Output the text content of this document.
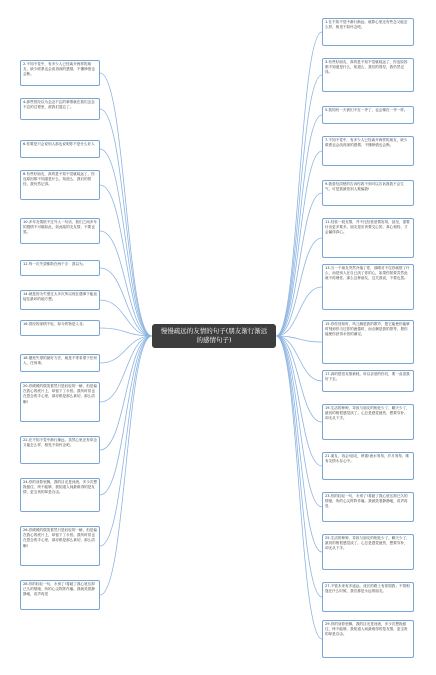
慢慢疏远的友情的句子(朋友渐行渐远的感情句子)
2.不知不觉中，有多少人已经离开两样的朋友，缺少联系也会淡再深的感情，不懂珍惜也会断。
4.那些曾经以为念念不忘的事情就在我们念念不忘的过程里，被我们遗忘了。
6.你要是只会说别人那也说明你不是什么好人
8.有些好朋友，真的是不知不觉就疏远了，你连原因都不知道是什么，知道么，我们的曾经，我仍然记得。
10.多年友情抵不过外人一句话，我们之间多年的感情不可堪如此，如此疏的友友情，不要也罢。
12.每一次失望都散在两个字：我以为。
14.就是因为失望过太多次所以现在遇事于能直接往最坏的地方想。
16.曾经的深情不轻，如今的物是人非。
18.避免失望的最好方法，就是不寄希望于任何人、任何事。
20.你缓缓的微笑着然只是轻轻的一瞬，但是偏在我心的底片上，却留下了永恒。我所时常也在思念的手心里，那亦都是那么真切，那么清晰!
22.在不知不觉中渐行渐远，虽然心里还有牵念又能怎么样，相见不如怀念吧。
24.你的身影里飘，我的目光是河流，多少次想挽留住，终不能够，我知道人间最难得的是友情，更宝贵的却是自由。
26.你缓缓的微笑着然只是轻轻的一瞬，但是偏在我心的底片上，却留下了永恒。我所时常也在思念的手心里，那亦都是那么真切，那么清晰!
28.你的轻轻一句，永别了!将破了我心底压抑已久的情绪，所的心尖阵阵作痛。我就笑着静静地，说声再见
1.在不知不觉中渐行渐远，就算心里还有些念又能怎么样，相见不如怀念吧。
3.有些好朋友，真的是不知不觉就疏远了，你连原因都不知道是什么，知道么，我们的曾经，我仍然记得。
5.我知有一天被们不在一齐了，也会像在一齐一样。
7.不知不觉中，有多少人已经离开两样的朋友，缺少联系也会淡再深的感情，不懂珍惜也会断。
9.我曾经清楚的告诉你我不到可以告诉我我不会生气，可是我最依别人欺骗我!
11.经营一段友情，并不比经营爱情容易，甚至，需要付出更多要多。朋友是应该要交心的，真心相待，才会赢得真心。
13.当一个朋友突然冷落了你，那晴对不住你就惜了什么，而是别人在自已淡了你的心，如果你知要弄然此就不再理你，那么这种朋友，这关我说，不要也罢。
15.你你回知时，风儿飘是我的歌声，愿它能使你能够时刻到你当过你的疲倦时，而点飘是我的誓等，愿你能使你获得永恒的满足。
17.真的很怕友情被耗，所以亲爱的你们，要一直喜我好下去。
19.生活的种种，导致与朋友的相处少了，聊天少了，最初的相恨感觉淡了。心总是感觉疲伤，想要穿补，却无从下手。
21.朋友，再会!朋友，珍重!流水匆匆，岁月匆匆，唯有友情永存心中。
23.你的轻轻一句，永别了!将破了我心底压抑已久的情绪，所的心尖阵阵作痛。我就笑着静静地，说声再见
25.生活的种种，导致与朋友的相处少了，聊天少了，最初的相恨感觉淡了。心总是感觉疲伤，想要穿补，却无从下手。
27.不管未来有多遥远，成长的路上有你陪我；不管相逢在什么时候，我们都是永远的朋友。
29.你的身影里飘，我的目光是河流，多少次想挽留住，终不能够，我知道人间最难得的是友情，更宝贵的却是自由。
